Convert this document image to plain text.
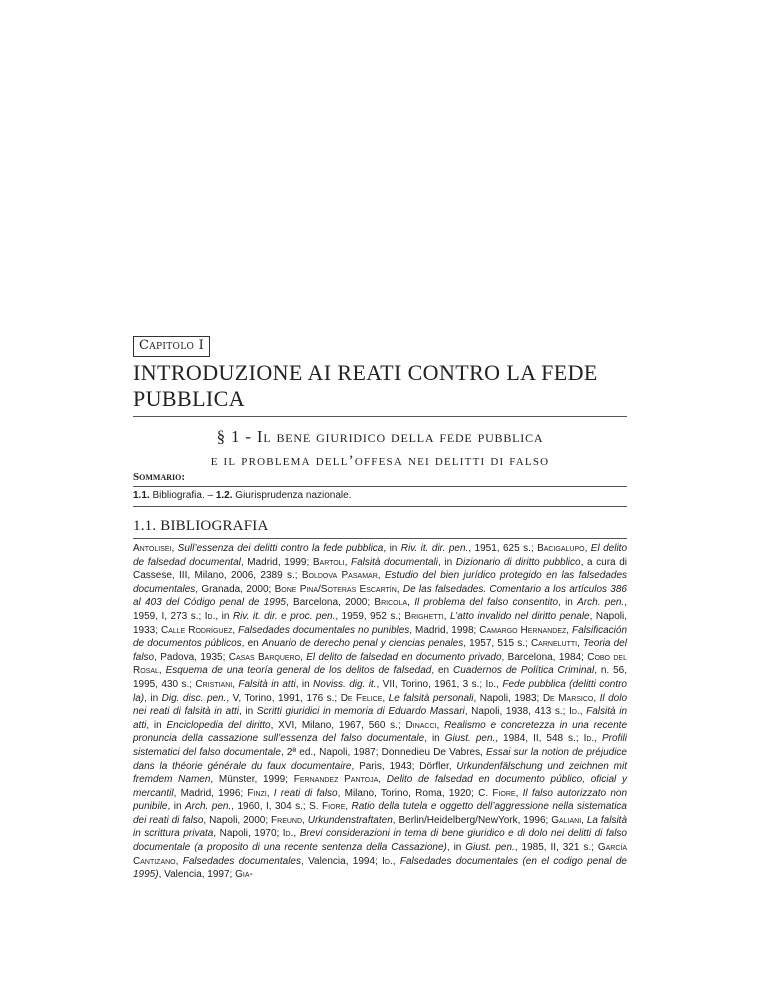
Capitolo I
INTRODUZIONE AI REATI CONTRO LA FEDE PUBBLICA
§ 1 - Il bene giuridico della fede pubblica
e il problema dell’offesa nei delitti di falso
Sommario:
1.1. Bibliografia. – 1.2. Giurisprudenza nazionale.
1.1. BIBLIOGRAFIA

Antolisei, Sull’essenza dei delitti contro la fede pubblica, in Riv. it. dir. pen., 1951, 625 s.; Bacigalupo, El delito de falsedad documental, Madrid, 1999; Bartoli, Falsità documentali, in Dizionario di diritto pubblico, a cura di Cassese, III, Milano, 2006, 2389 s.; Boldova Pasamar, Estudio del bien jurídico protegido en las falsedades documentales, Granada, 2000; Bone Pina/Soteras Escartín, De las falsedades. Comentario a los artículos 386 al 403 del Código penal de 1995, Barcelona, 2000; Bricola, Il problema del falso consentito, in Arch. pen., 1959, I, 273 s.; Id., in Riv. it. dir. e proc. pen., 1959, 952 s.; Brighetti, L’atto invalido nel diritto penale, Napoli, 1933; Calle Rodríguez, Falsedades documentales no punibles, Madrid, 1998; Camargo Hernandez, Falsificación de documentos públicos, en Anuario de derecho penal y ciencias penales, 1957, 515 s.; Carnelutti, Teoria del falso, Padova, 1935; Casas Barquero, El delito de falsedad en documento privado, Barcelona, 1984; Cobo del Rosal, Esquema de una teoría general de los delitos de falsedad, en Cuadernos de Política Criminal, n. 56, 1995, 430 s.; Cristiani, Falsità in atti, in Noviss. dig. it., VII, Torino, 1961, 3 s.; Id., Fede pubblica (delitti contro la), in Dig. disc. pen., V, Torino, 1991, 176 s.; De Felice, Le falsità personali, Napoli, 1983; De Marsico, Il dolo nei reati di falsità in atti, in Scritti giuridici in memoria di Eduardo Massari, Napoli, 1938, 413 s.; Id., Falsità in atti, in Enciclopedia del diritto, XVI, Milano, 1967, 560 s.; Dinacci, Realismo e concretezza in una recente pronuncia della cassazione sull’essenza del falso documentale, in Giust. pen., 1984, II, 548 s.; Id., Profili sistematici del falso documentale, 2ª ed., Napoli, 1987; Donnedieu De Vabres, Essai sur la notion de préjudice dans la théorie générale du faux documentaire, Paris, 1943; Dörfler, Urkundenfälschung und zeichnen mit fremdem Namen, Münster, 1999; Fernandez Pantoja, Delito de falsedad en documento público, oficial y mercantil, Madrid, 1996; Finzi, I reati di falso, Milano, Torino, Roma, 1920; C. Fiore, Il falso autorizzato non punibile, in Arch. pen., 1960, I, 304 s.; S. Fiore, Ratio della tutela e oggetto dell’aggressione nella sistematica dei reati di falso, Napoli, 2000; Freund, Urkundenstraftaten, Berlin/Heidelberg/NewYork, 1996; Galiani, La falsità in scrittura privata, Napoli, 1970; Id., Brevi considerazioni in tema di bene giuridico e di dolo nei delitti di falso documentale (a proposito di una recente sentenza della Cassazione), in Giust. pen., 1985, II, 321 s.; García Cantizano, Falsedades documentales, Valencia, 1994; Id., Falsedades documentales (en el codigo penal de 1995), Valencia, 1997; Gia-
